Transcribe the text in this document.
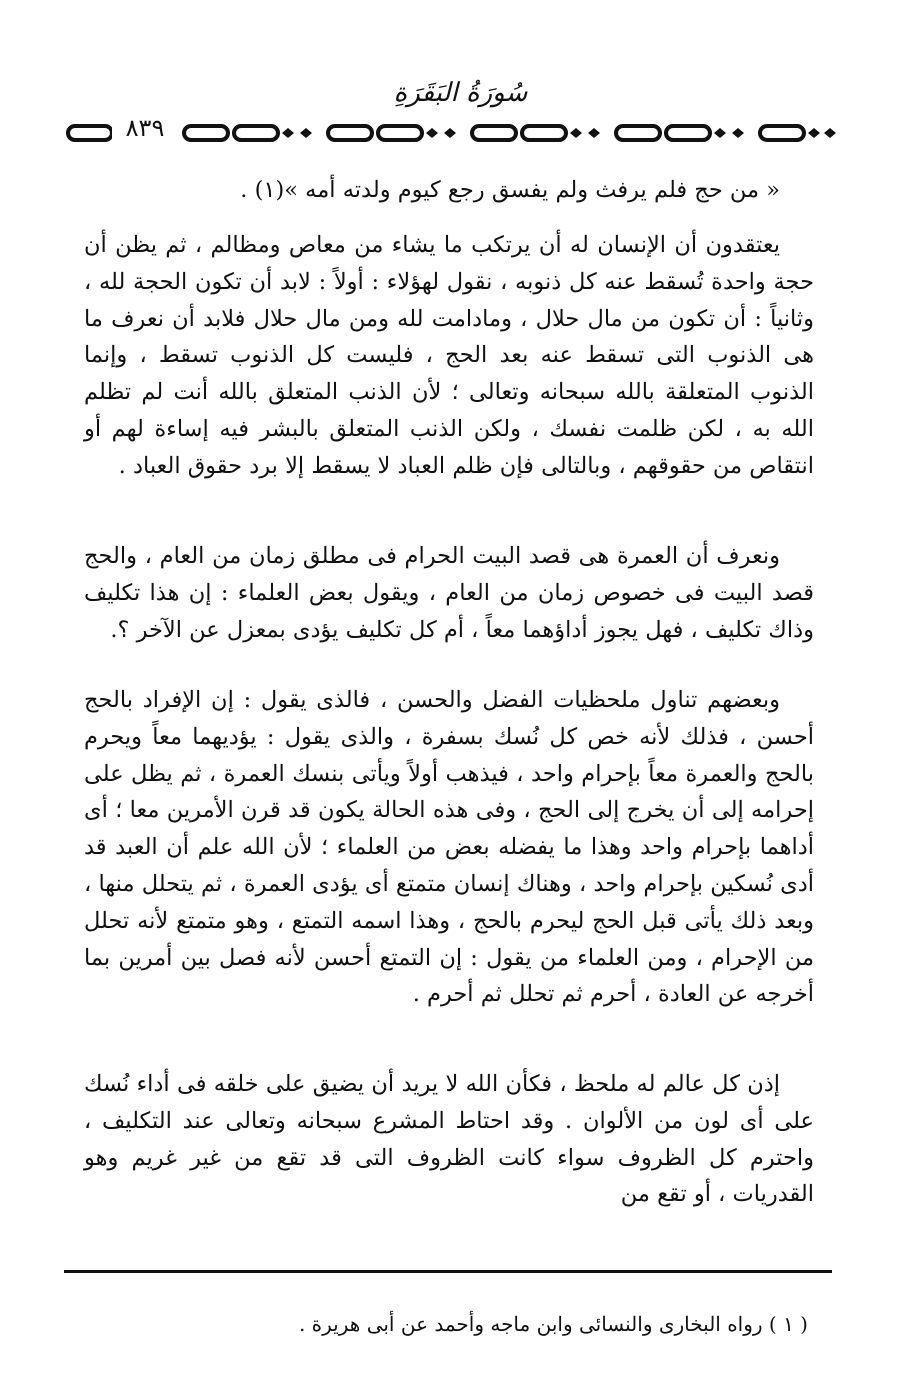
سُورَةُ البَقَرَةِ
٨٣٩

« من حج فلم يرفث ولم يفسق رجع كيوم ولدته أمه »(١) .

يعتقدون أن الإنسان له أن يرتكب ما يشاء من معاص ومظالم ، ثم يظن أن حجة واحدة تُسقط عنه كل ذنوبه ، نقول لهؤلاء : أولاً : لابد أن تكون الحجة لله ، وثانياً : أن تكون من مال حلال ، ومادامت لله ومن مال حلال فلابد أن نعرف ما هى الذنوب التى تسقط عنه بعد الحج ، فليست كل الذنوب تسقط ، وإنما الذنوب المتعلقة بالله سبحانه وتعالى ؛ لأن الذنب المتعلق بالله أنت لم تظلم الله به ، لكن ظلمت نفسك ، ولكن الذنب المتعلق بالبشر فيه إساءة لهم أو انتقاص من حقوقهم ، وبالتالى فإن ظلم العباد لا يسقط إلا برد حقوق العباد .

ونعرف أن العمرة هى قصد البيت الحرام فى مطلق زمان من العام ، والحج قصد البيت فى خصوص زمان من العام ، ويقول بعض العلماء : إن هذا تكليف وذاك تكليف ، فهل يجوز أداؤهما معاً ، أم كل تكليف يؤدى بمعزل عن الآخر ؟.

وبعضهم تناول ملحظيات الفضل والحسن ، فالذى يقول : إن الإفراد بالحج أحسن ، فذلك لأنه خص كل نُسك بسفرة ، والذى يقول : يؤديهما معاً ويحرم بالحج والعمرة معاً بإحرام واحد ، فيذهب أولاً ويأتى بنسك العمرة ، ثم يظل على إحرامه إلى أن يخرج إلى الحج ، وفى هذه الحالة يكون قد قرن الأمرين معا ؛ أى أداهما بإحرام واحد وهذا ما يفضله بعض من العلماء ؛ لأن الله علم أن العبد قد أدى نُسكين بإحرام واحد ، وهناك إنسان متمتع أى يؤدى العمرة ، ثم يتحلل منها ، وبعد ذلك يأتى قبل الحج ليحرم بالحج ، وهذا اسمه التمتع ، وهو متمتع لأنه تحلل من الإحرام ، ومن العلماء من يقول : إن التمتع أحسن لأنه فصل بين أمرين بما أخرجه عن العادة ، أحرم ثم تحلل ثم أحرم .

إذن كل عالم له ملحظ ، فكأن الله لا يريد أن يضيق على خلقه فى أداء نُسك على أى لون من الألوان . وقد احتاط المشرع سبحانه وتعالى عند التكليف ، واحترم كل الظروف سواء كانت الظروف التى قد تقع من غير غريم وهو القدريات ، أو تقع من

( ١ ) رواه البخارى والنسائى وابن ماجه وأحمد عن أبى هريرة .
